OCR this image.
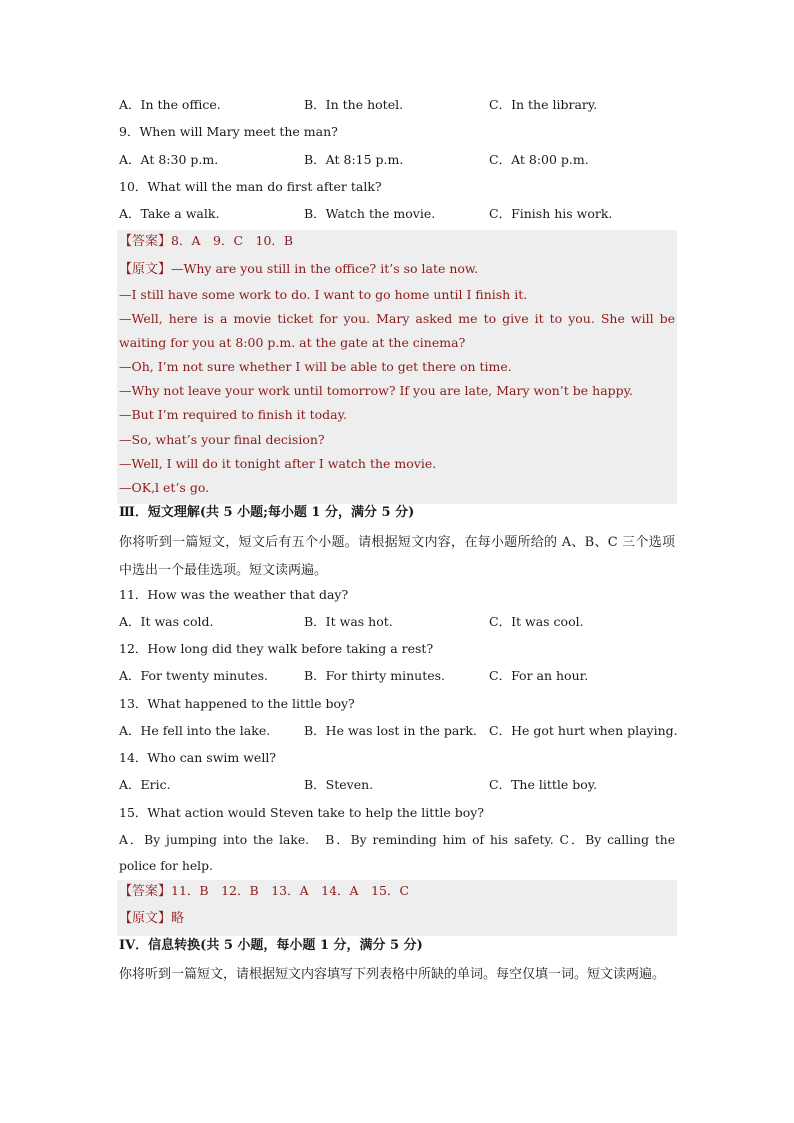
A．In the office.	B．In the hotel.	C．In the library.
9．When will Mary meet the man?
A．At 8:30 p.m.	B．At 8:15 p.m.	C．At 8:00 p.m.
10．What will the man do first after talk?
A．Take a walk.	B．Watch the movie.	C．Finish his work.
【答案】8．A　9．C　10．B
【原文】—Why are you still in the office? it’s so late now.
—I still have some work to do. I want to go home until I finish it.
—Well, here is a movie ticket for you. Mary asked me to give it to you. She will be waiting for you at 8:00 p.m. at the gate at the cinema?
—Oh, I’m not sure whether I will be able to get there on time.
—Why not leave your work until tomorrow? If you are late, Mary won’t be happy.
—But I’m required to finish it today.
—So, what’s your final decision?
—Well, I will do it tonight after I watch the movie.
—OK,l et’s go.
Ⅲ．短文理解(共 5 小题;每小题 1 分，满分 5 分)
你将听到一篇短文，短文后有五个小题。请根据短文内容，在每小题所给的 A、B、C 三个选项中选出一个最佳选项。短文读两遍。
11．How was the weather that day?
A．It was cold.	B．It was hot.	C．It was cool.
12．How long did they walk before taking a rest?
A．For twenty minutes.	B．For thirty minutes.	C．For an hour.
13．What happened to the little boy?
A．He fell into the lake.	B．He was lost in the park. C．He got hurt when playing.
14．Who can swim well?
A．Eric.	B．Steven.	C．The little boy.
15．What action would Steven take to help the little boy?
A．By jumping into the lake.　B．By reminding him of his safety. C．By calling the police for help.
【答案】11．B　12．B　13．A　14．A　15．C
【原文】略
IV．信息转换(共 5 小题，每小题 1 分，满分 5 分)
你将听到一篇短文，请根据短文内容填写下列表格中所缺的单词。每空仅填一词。短文读两遍。
